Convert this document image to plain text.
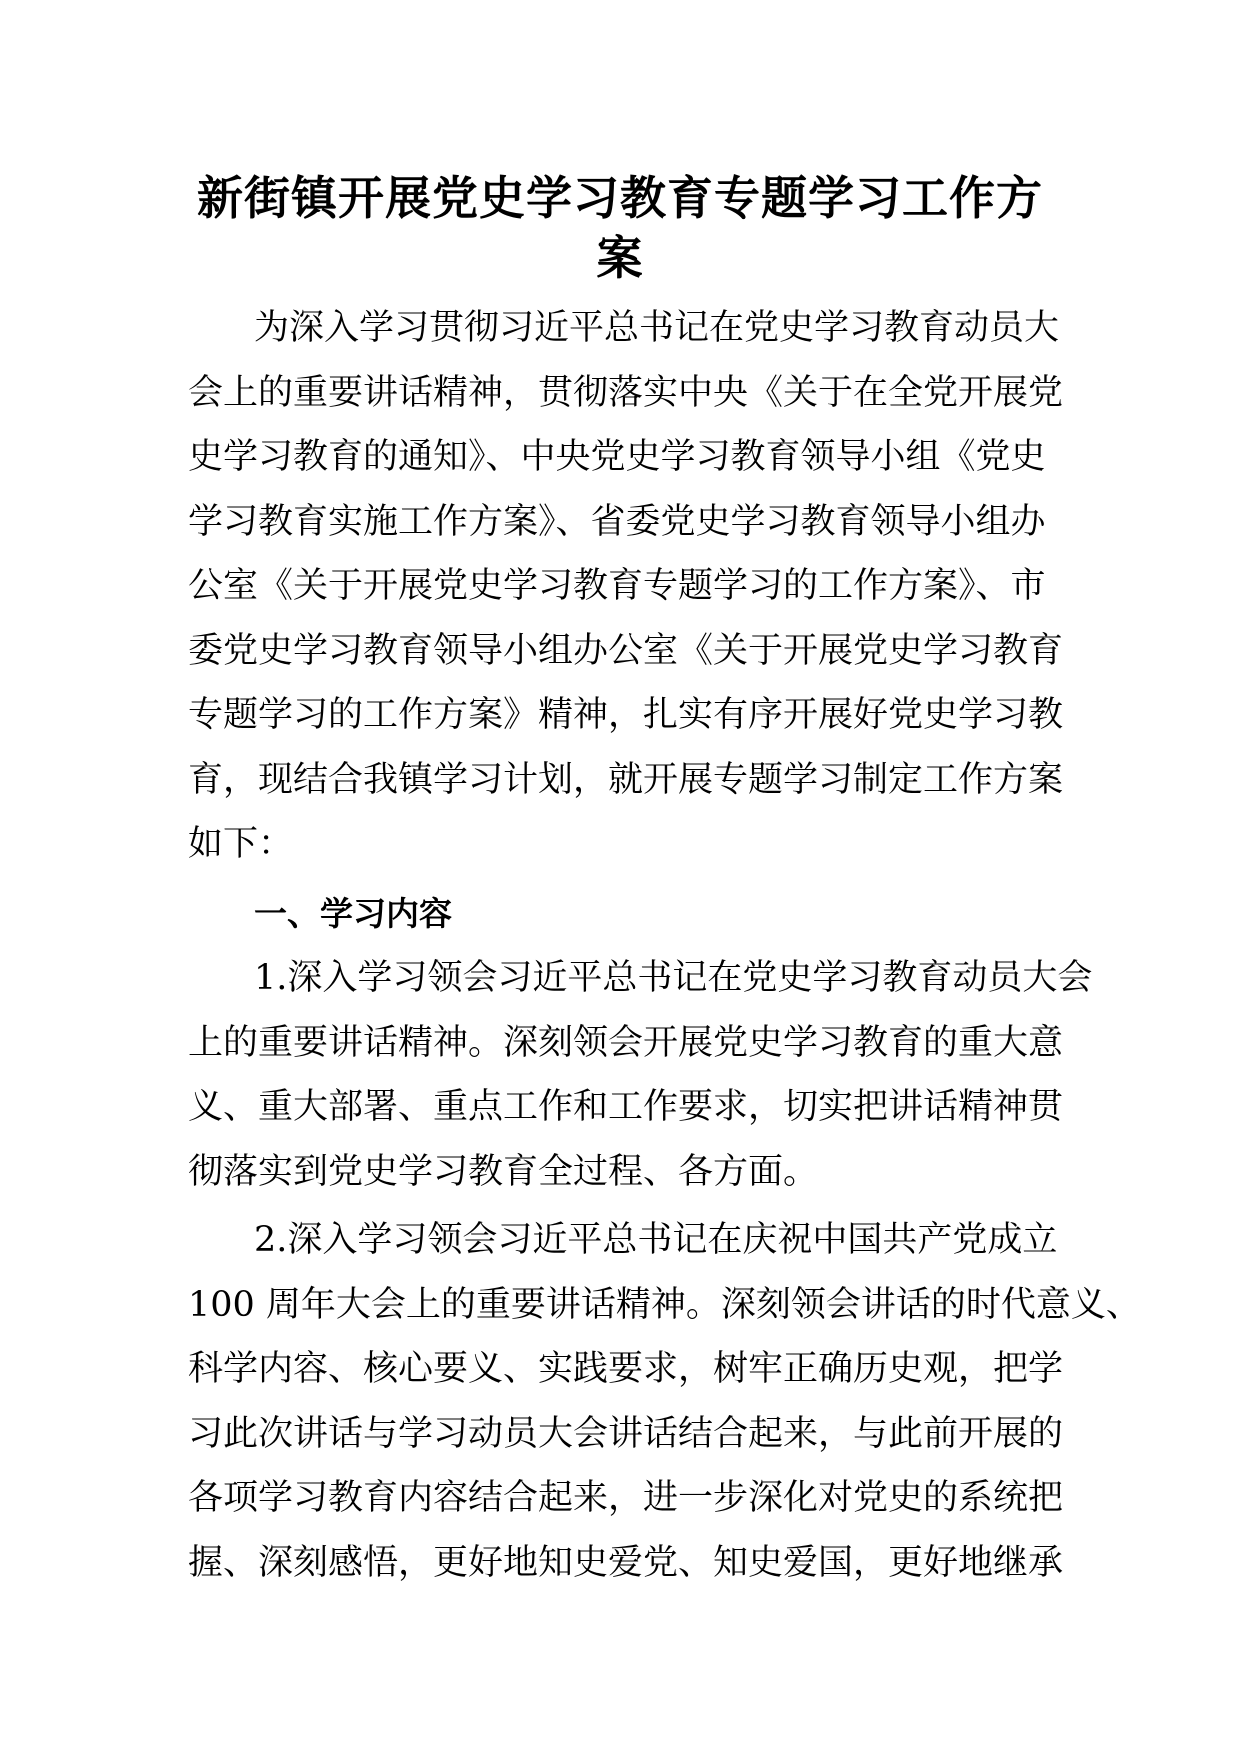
新街镇开展党史学习教育专题学习工作方
案
为深入学习贯彻习近平总书记在党史学习教育动员大
会上的重要讲话精神，贯彻落实中央《关于在全党开展党
史学习教育的通知》、中央党史学习教育领导小组《党史
学习教育实施工作方案》、省委党史学习教育领导小组办
公室《关于开展党史学习教育专题学习的工作方案》、市
委党史学习教育领导小组办公室《关于开展党史学习教育
专题学习的工作方案》精神，扎实有序开展好党史学习教
育，现结合我镇学习计划，就开展专题学习制定工作方案
如下：
一、学习内容
1.深入学习领会习近平总书记在党史学习教育动员大会
上的重要讲话精神。深刻领会开展党史学习教育的重大意
义、重大部署、重点工作和工作要求，切实把讲话精神贯
彻落实到党史学习教育全过程、各方面。
2.深入学习领会习近平总书记在庆祝中国共产党成立
100 周年大会上的重要讲话精神。深刻领会讲话的时代意义、
科学内容、核心要义、实践要求，树牢正确历史观，把学
习此次讲话与学习动员大会讲话结合起来，与此前开展的
各项学习教育内容结合起来，进一步深化对党史的系统把
握、深刻感悟，更好地知史爱党、知史爱国，更好地继承
